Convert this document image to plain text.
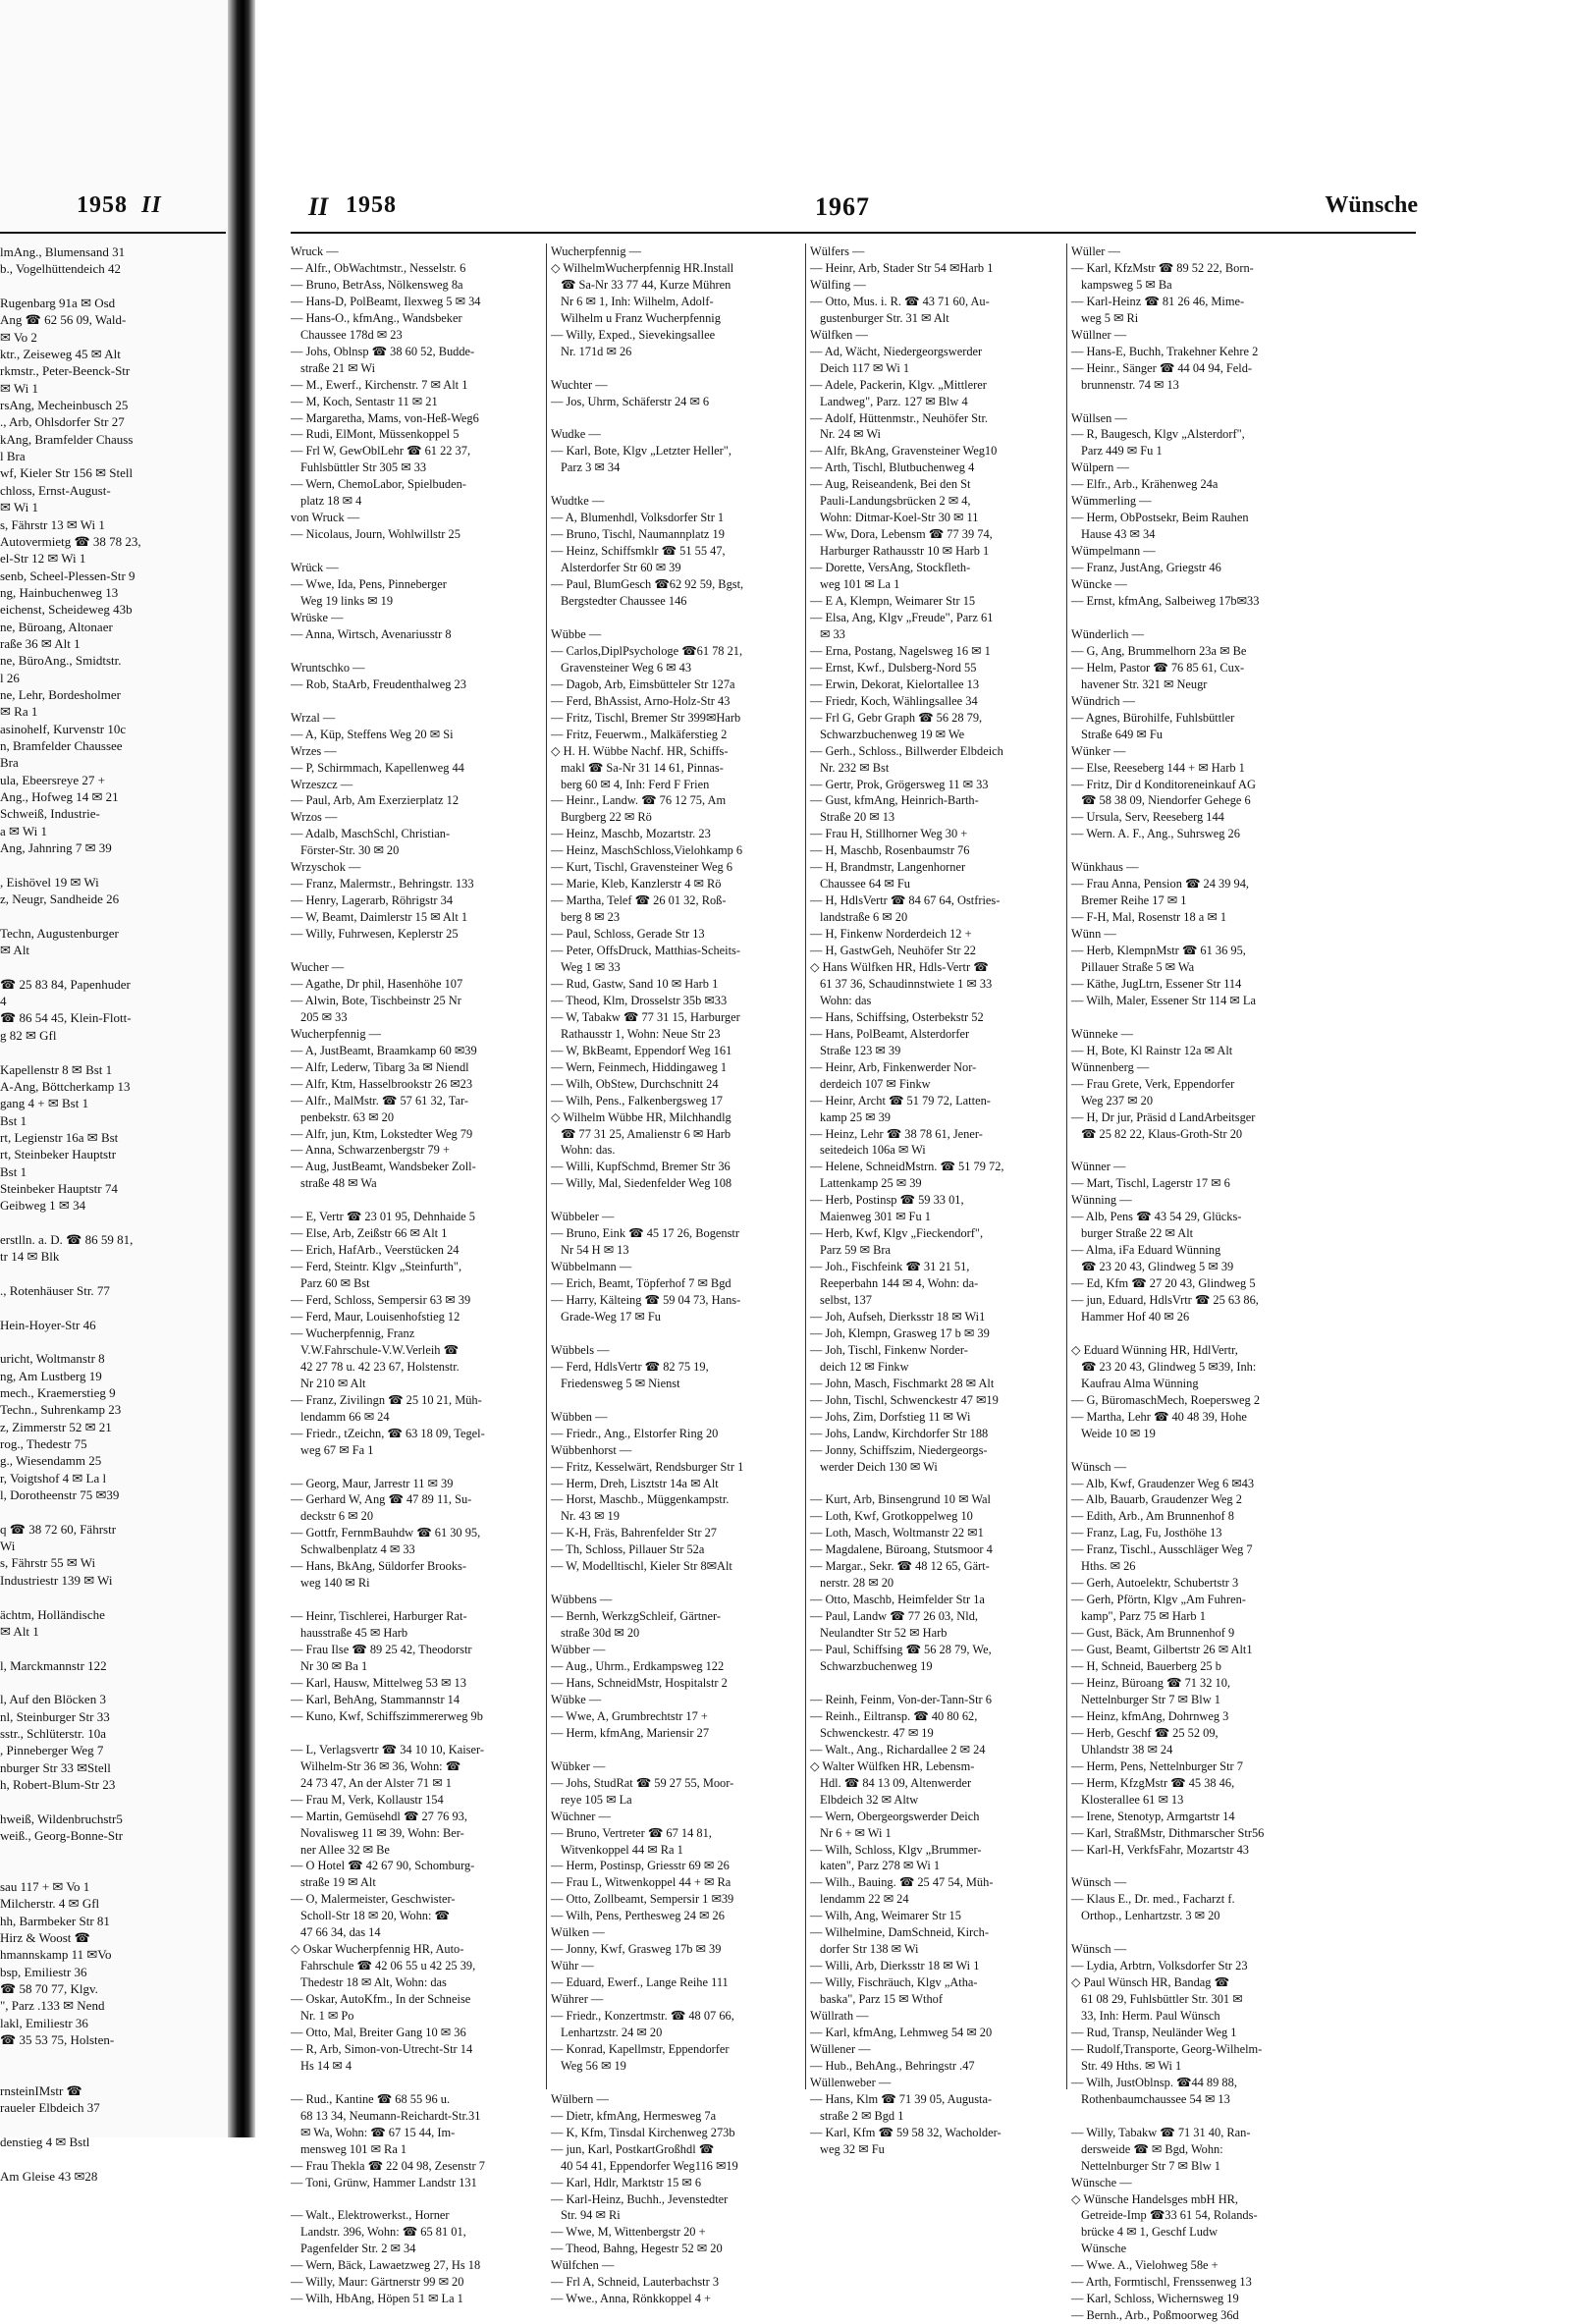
1958 II
lmAng., Blumensand 31
b., Vogelhüttendeich 42

Rugenbarg 91a ✉ Osd
Ang ☎ 62 56 09, Wald-
✉ Vo 2
ktr., Zeiseweg 45 ✉ Alt
rkmstr., Peter-Beenck-Str
✉ Wi 1
rsAng, Mecheinbusch 25
., Arb, Ohlsdorfer Str 27
kAng, Bramfelder Chauss
l Bra
wf, Kieler Str 156 ✉ Stell
chloss, Ernst-August-
✉ Wi 1
s, Fährstr 13 ✉ Wi 1
Autovermietg ☎ 38 78 23,
el-Str 12 ✉ Wi 1
senb, Scheel-Plessen-Str 9
ng, Hainbuchenweg 13
eichenst, Scheideweg 43b
ne, Büroang, Altonaer
raße 36 ✉ Alt 1
ne, BüroAng., Smidtstr.
l 26
ne, Lehr, Bordesholmer
✉ Ra 1
asinohelf, Kurvenstr 10c
n, Bramfelder Chaussee
Bra
ula, Ebeersreye 27 +
Ang., Hofweg 14 ✉ 21
Schweiß, Industrie-
a ✉ Wi 1
Ang, Jahnring 7 ✉ 39

, Eishövel 19 ✉ Wi
z, Neugr, Sandheide 26

Techn, Augustenburger
✉ Alt

☎ 25 83 84, Papenhuder
4
☎ 86 54 45, Klein-Flott-
g 82 ✉ Gfl

Kapellenstr 8 ✉ Bst 1
A-Ang, Böttcherkamp 13
gang 4 + ✉ Bst 1
Bst 1
rt, Legienstr 16a ✉ Bst
rt, Steinbeker Hauptstr
Bst 1
Steinbeker Hauptstr 74
Geibweg 1 ✉ 34

erstlln. a. D. ☎ 86 59 81,
tr 14 ✉ Blk

., Rotenhäuser Str. 77

Hein-Hoyer-Str 46

uricht, Woltmanstr 8
ng, Am Lustberg 19
mech., Kraemerstieg 9
Techn., Suhrenkamp 23
z, Zimmerstr 52 ✉ 21
rog., Thedestr 75
g., Wiesendamm 25
r, Voigtshof 4 ✉ La l
l, Dorotheenstr 75 ✉39

q ☎ 38 72 60, Fährstr
Wi
s, Fährstr 55 ✉ Wi
Industriestr 139 ✉ Wi

ächtm, Holländische
✉ Alt 1

l, Marckmannstr 122

l, Auf den Blöcken 3
nl, Steinburger Str 33
sstr., Schlüterstr. 10a
, Pinneberger Weg 7
nburger Str 33 ✉Stell
h, Robert-Blum-Str 23

hweiß, Wildenbruchstr5
weiß., Georg-Bonne-Str

sau 117 + ✉ Vo 1
Milcherstr. 4 ✉ Gfl
hh, Barmbeker Str 81
Hirz & Woost ☎
hmannskamp 11 ✉Vo
bsp, Emiliestr 36
☎ 58 70 77, Klgv.
", Parz .133 ✉ Nend
lakl, Emiliestr 36
☎ 35 53 75, Holsten-

rnsteinIMstr ☎
raueler Elbdeich 37

denstieg 4 ✉ Bstl

Am Gleise 43 ✉28
II 1958	1967	Wünsche
Wruck —
— Alfr., ObWachtmstr., Nesselstr. 6
— Bruno, BetrAss, Nölkensweg 8a
— Hans-D, PolBeamt, Ilexweg 5 ✉ 34
— Hans-O., kfmAng., Wandsbeker
Chaussee 178d ✉ 23
— Johs, Oblnsp ☎ 38 60 52, Budde-
straße 21 ✉ Wi
— M., Ewerf., Kirchenstr. 7 ✉ Alt 1
— M, Koch, Sentastr 11 ✉ 21
— Margaretha, Mams, von-Heß-Weg6
— Rudi, ElMont, Müssenkoppel 5
— Frl W, GewOblLehr ☎ 61 22 37,
Fuhlsbüttler Str 305 ✉ 33
— Wern, ChemoLabor, Spielbuden-
platz 18 ✉ 4
von Wruck —
— Nicolaus, Journ, Wohlwillstr 25

Wrück —
— Wwe, Ida, Pens, Pinneberger
Weg 19 links ✉ 19
Wrüske —
— Anna, Wirtsch, Avenariusstr 8

Wruntschko —
— Rob, StaArb, Freudenthalweg 23

Wrzal —
— A, Küp, Steffens Weg 20 ✉ Si
Wrzes —
— P, Schirmmach, Kapellenweg 44
Wrzeszcz —
— Paul, Arb, Am Exerzierplatz 12
Wrzos —
— Adalb, MaschSchl, Christian-
Förster-Str. 30 ✉ 20
Wrzyschok —
— Franz, Malermstr., Behringstr. 133
— Henry, Lagerarb, Röhrigstr 34
— W, Beamt, Daimlerstr 15 ✉ Alt 1
— Willy, Fuhrwesen, Keplerstr 25

Wucher —
— Agathe, Dr phil, Hasenhöhe 107
— Alwin, Bote, Tischbeinstr 25 Nr
205 ✉ 33
Wucherpfennig —
— A, JustBeamt, Braamkamp 60 ✉39
— Alfr, Lederw, Tibarg 3a ✉ Niendl
— Alfr, Ktm, Hasselbrookstr 26 ✉23
— Alfr., MalMstr. ☎ 57 61 32, Tar-
penbekstr. 63 ✉ 20
— Alfr, jun, Ktm, Lokstedter Weg 79
— Anna, Schwarzenbergstr 79 +
— Aug, JustBeamt, Wandsbeker Zoll-
straße 48 ✉ Wa

— E, Vertr ☎ 23 01 95, Dehnhaide 5
— Else, Arb, Zeißstr 66 ✉ Alt 1
— Erich, HafArb., Veerstücken 24
— Ferd, Steintr. Klgv „Steinfurth",
Parz 60 ✉ Bst
— Ferd, Schloss, Sempersir 63 ✉ 39
— Ferd, Maur, Louisenhofstieg 12
— Wucherpfennig, Franz
V.W.Fahrschule-V.W.Verleih ☎
42 27 78 u. 42 23 67, Holstenstr.
Nr 210 ✉ Alt
— Franz, Zivilingn ☎ 25 10 21, Müh-
lendamm 66 ✉ 24
— Friedr., tZeichn, ☎ 63 18 09, Tegel-
weg 67 ✉ Fa 1

— Georg, Maur, Jarrestr 11 ✉ 39
— Gerhard W, Ang ☎ 47 89 11, Su-
deckstr 6 ✉ 20
— Gottfr, FernmBauhdw ☎ 61 30 95,
Schwalbenplatz 4 ✉ 33
— Hans, BkAng, Süldorfer Brooks-
weg 140 ✉ Ri

— Heinr, Tischlerei, Harburger Rat-
hausstraße 45 ✉ Harb
— Frau Ilse ☎ 89 25 42, Theodorstr
Nr 30 ✉ Ba 1
— Karl, Hausw, Mittelweg 53 ✉ 13
— Karl, BehAng, Stammannstr 14
— Kuno, Kwf, Schiffszimmererweg 9b

— L, Verlagsvertr ☎ 34 10 10, Kaiser-
Wilhelm-Str 36 ✉ 36, Wohn: ☎
24 73 47, An der Alster 71 ✉ 1
— Frau M, Verk, Kollaustr 154
— Martin, Gemüsehdl ☎ 27 76 93,
Novalisweg 11 ✉ 39, Wohn: Ber-
ner Allee 32 ✉ Be
— O Hotel ☎ 42 67 90, Schomburg-
straße 19 ✉ Alt
— O, Malermeister, Geschwister-
Scholl-Str 18 ✉ 20, Wohn: ☎
47 66 34, das 14
◇ Oskar Wucherpfennig HR, Auto-
Fahrschule ☎ 42 06 55 u 42 25 39,
Thedestr 18 ✉ Alt, Wohn: das
— Oskar, AutoKfm., In der Schneise
Nr. 1 ✉ Po
— Otto, Mal, Breiter Gang 10 ✉ 36
— R, Arb, Simon-von-Utrecht-Str 14
Hs 14 ✉ 4

— Rud., Kantine ☎ 68 55 96 u.
68 13 34, Neumann-Reichardt-Str.31
✉ Wa, Wohn: ☎ 67 15 44, Im-
mensweg 101 ✉ Ra 1
— Frau Thekla ☎ 22 04 98, Zesenstr 7
— Toni, Grünw, Hammer Landstr 131

— Walt., Elektrowerkst., Horner
Landstr. 396, Wohn: ☎ 65 81 01,
Pagenfelder Str. 2 ✉ 34
— Wern, Bäck, Lawaetzweg 27, Hs 18
— Willy, Maur: Gärtnerstr 99 ✉ 20
— Wilh, HbAng, Höpen 51 ✉ La 1
Wucherpfennig —
◇ WilhelmWucherpfennig HR.Install
☎ Sa-Nr 33 77 44, Kurze Mühren
Nr 6 ✉ 1, Inh: Wilhelm, Adolf-
Wilhelm u Franz Wucherpfennig
— Willy, Exped., Sievekingsallee
Nr. 171d ✉ 26

Wuchter —
— Jos, Uhrm, Schäferstr 24 ✉ 6

Wudke —
— Karl, Bote, Klgv „Letzter Heller",
Parz 3 ✉ 34

Wudtke —
— A, Blumenhdl, Volksdorfer Str 1
— Bruno, Tischl, Naumannplatz 19
— Heinz, Schiffsmklr ☎ 51 55 47,
Alsterdorfer Str 60 ✉ 39
— Paul, BlumGesch ☎62 92 59, Bgst,
Bergstedter Chaussee 146

Wübbe —
— Carlos,DiplPsychologe ☎61 78 21,
Gravensteiner Weg 6 ✉ 43
— Dagob, Arb, Eimsbütteler Str 127a
— Ferd, BhAssist, Arno-Holz-Str 43
— Fritz, Tischl, Bremer Str 399✉Harb
— Fritz, Feuerwm., Malkäferstieg 2
◇ H. H. Wübbe Nachf. HR, Schiffs-
makl ☎ Sa-Nr 31 14 61, Pinnas-
berg 60 ✉ 4, Inh: Ferd F Frien
— Heinr., Landw. ☎ 76 12 75, Am
Burgberg 22 ✉ Rö
— Heinz, Maschb, Mozartstr. 23
— Heinz, MaschSchloss,Vielohkamp 6
— Kurt, Tischl, Gravensteiner Weg 6
— Marie, Kleb, Kanzlerstr 4 ✉ Rö
— Martha, Telef ☎ 26 01 32, Roß-
berg 8 ✉ 23
— Paul, Schloss, Gerade Str 13
— Peter, OffsDruck, Matthias-Scheits-
Weg 1 ✉ 33
— Rud, Gastw, Sand 10 ✉ Harb 1
— Theod, Klm, Drosselstr 35b ✉33
— W, Tabakw ☎ 77 31 15, Harburger
Rathausstr 1, Wohn: Neue Str 23
— W, BkBeamt, Eppendorf Weg 161
— Wern, Feinmech, Hiddingaweg 1
— Wilh, ObStew, Durchschnitt 24
— Wilh, Pens., Falkenbergsweg 17
◇ Wilhelm Wübbe HR, Milchhandlg
☎ 77 31 25, Amalienstr 6 ✉ Harb
Wohn: das.
— Willi, KupfSchmd, Bremer Str 36
— Willy, Mal, Siedenfelder Weg 108

Wübbeler —
— Bruno, Eink ☎ 45 17 26, Bogenstr
Nr 54 H ✉ 13
Wübbelmann —
— Erich, Beamt, Töpferhof 7 ✉ Bgd
— Harry, Kälteing ☎ 59 04 73, Hans-
Grade-Weg 17 ✉ Fu

Wübbels —
— Ferd, HdlsVertr ☎ 82 75 19,
Friedensweg 5 ✉ Nienst

Wübben —
— Friedr., Ang., Elstorfer Ring 20
Wübbenhorst —
— Fritz, Kesselwärt, Rendsburger Str 1
— Herm, Dreh, Lisztstr 14a ✉ Alt
— Horst, Maschb., Müggenkampstr.
Nr. 43 ✉ 19
— K-H, Fräs, Bahrenfelder Str 27
— Th, Schloss, Pillauer Str 52a
— W, Modelltischl, Kieler Str 8✉Alt

Wübbens —
— Bernh, WerkzgSchleif, Gärtner-
straße 30d ✉ 20
Wübber —
— Aug., Uhrm., Erdkampsweg 122
— Hans, SchneidMstr, Hospitalstr 2
Wübke —
— Wwe, A, Grumbrechtstr 17 +
— Herm, kfmAng, Mariensir 27

Wübker —
— Johs, StudRat ☎ 59 27 55, Moor-
reye 105 ✉ La
Wüchner —
— Bruno, Vertreter ☎ 67 14 81,
Witvenkoppel 44 ✉ Ra 1
— Herm, Postinsp, Griesstr 69 ✉ 26
— Frau L, Witwenkoppel 44 + ✉ Ra
— Otto, Zollbeamt, Sempersir 1 ✉39
— Wilh, Pens, Perthesweg 24 ✉ 26
Wülken —
— Jonny, Kwf, Grasweg 17b ✉ 39
Wühr —
— Eduard, Ewerf., Lange Reihe 111
Wührer —
— Friedr., Konzertmstr. ☎ 48 07 66,
Lenhartzstr. 24 ✉ 20
— Konrad, Kapellmstr, Eppendorfer
Weg 56 ✉ 19

Wülbern —
— Dietr, kfmAng, Hermesweg 7a
— K, Kfm, Tinsdal Kirchenweg 273b
— jun, Karl, PostkartGroßhdl ☎
40 54 41, Eppendorfer Weg116 ✉19
— Karl, Hdlr, Marktstr 15 ✉ 6
— Karl-Heinz, Buchh., Jevenstedter
Str. 94 ✉ Ri
— Wwe, M, Wittenbergstr 20 +
— Theod, Bahng, Hegestr 52 ✉ 20
Wülfchen —
— Frl A, Schneid, Lauterbachstr 3
— Wwe., Anna, Rönkkoppel 4 +
Wülfers —
— Heinr, Arb, Stader Str 54 ✉Harb 1
Wülfing —
— Otto, Mus. i. R. ☎ 43 71 60, Au-
gustenburger Str. 31 ✉ Alt
Wülfken —
— Ad, Wächt, Niedergeorgswerder
Deich 117 ✉ Wi 1
— Adele, Packerin, Klgv. „Mittlerer
Landweg", Parz. 127 ✉ Blw 4
— Adolf, Hüttenmstr., Neuhöfer Str.
Nr. 24 ✉ Wi
— Alfr, BkAng, Gravensteiner Weg10
— Arth, Tischl, Blutbuchenweg 4
— Aug, Reiseandenk, Bei den St
Pauli-Landungsbrücken 2 ✉ 4,
Wohn: Ditmar-Koel-Str 30 ✉ 11
— Ww, Dora, Lebensm ☎ 77 39 74,
Harburger Rathausstr 10 ✉ Harb 1
— Dorette, VersAng, Stockfleth-
weg 101 ✉ La 1
— E A, Klempn, Weimarer Str 15
— Elsa, Ang, Klgv „Freude", Parz 61
✉ 33
— Erna, Postang, Nagelsweg 16 ✉ 1
— Ernst, Kwf., Dulsberg-Nord 55
— Erwin, Dekorat, Kielortallee 13
— Friedr, Koch, Wählingsallee 34
— Frl G, Gebr Graph ☎ 56 28 79,
Schwarzbuchenweg 19 ✉ We
— Gerh., Schloss., Billwerder Elbdeich
Nr. 232 ✉ Bst
— Gertr, Prok, Grögersweg 11 ✉ 33
— Gust, kfmAng, Heinrich-Barth-
Straße 20 ✉ 13
— Frau H, Stillhorner Weg 30 +
— H, Maschb, Rosenbaumstr 76
— H, Brandmstr, Langenhorner
Chaussee 64 ✉ Fu
— H, HdlsVertr ☎ 84 67 64, Ostfries-
landstraße 6 ✉ 20
— H, Finkenw Norderdeich 12 +
— H, GastwGeh, Neuhöfer Str 22
◇ Hans Wülfken HR, Hdls-Vertr ☎
61 37 36, Schaudinnstwiete 1 ✉ 33
Wohn: das
— Hans, Schiffsing, Osterbekstr 52
— Hans, PolBeamt, Alsterdorfer
Straße 123 ✉ 39
— Heinr, Arb, Finkenwerder Nor-
derdeich 107 ✉ Finkw
— Heinr, Archt ☎ 51 79 72, Latten-
kamp 25 ✉ 39
— Heinz, Lehr ☎ 38 78 61, Jener-
seitedeich 106a ✉ Wi
— Helene, SchneidMstrn. ☎ 51 79 72,
Lattenkamp 25 ✉ 39
— Herb, Postinsp ☎ 59 33 01,
Maienweg 301 ✉ Fu 1
— Herb, Kwf, Klgv „Fieckendorf",
Parz 59 ✉ Bra
— Joh., Fischfeink ☎ 31 21 51,
Reeperbahn 144 ✉ 4, Wohn: da-
selbst, 137
— Joh, Aufseh, Dierksstr 18 ✉ Wi1
— Joh, Klempn, Grasweg 17 b ✉ 39
— Joh, Tischl, Finkenw Norder-
deich 12 ✉ Finkw
— John, Masch, Fischmarkt 28 ✉ Alt
— John, Tischl, Schwenckestr 47 ✉19
— Johs, Zim, Dorfstieg 11 ✉ Wi
— Johs, Landw, Kirchdorfer Str 188
— Jonny, Schiffszim, Niedergeorgs-
werder Deich 130 ✉ Wi

— Kurt, Arb, Binsengrund 10 ✉ Wal
— Loth, Kwf, Grotkoppelweg 10
— Loth, Masch, Woltmanstr 22 ✉1
— Magdalene, Büroang, Stutsmoor 4
— Margar., Sekr. ☎ 48 12 65, Gärt-
nerstr. 28 ✉ 20
— Otto, Maschb, Heimfelder Str 1a
— Paul, Landw ☎ 77 26 03, Nld,
Neulandter Str 52 ✉ Harb
— Paul, Schiffsing ☎ 56 28 79, We,
Schwarzbuchenweg 19

— Reinh, Feinm, Von-der-Tann-Str 6
— Reinh., Eiltransp. ☎ 40 80 62,
Schwenckestr. 47 ✉ 19
— Walt., Ang., Richardallee 2 ✉ 24
◇ Walter Wülfken HR, Lebensm-
Hdl. ☎ 84 13 09, Altenwerder
Elbdeich 32 ✉ Altw
— Wern, Obergeorgswerder Deich
Nr 6 + ✉ Wi 1
— Wilh, Schloss, Klgv „Brummer-
katen", Parz 278 ✉ Wi 1
— Wilh., Bauing. ☎ 25 47 54, Müh-
lendamm 22 ✉ 24
— Wilh, Ang, Weimarer Str 15
— Wilhelmine, DamSchneid, Kirch-
dorfer Str 138 ✉ Wi
— Willi, Arb, Dierksstr 18 ✉ Wi 1
— Willy, Fischräuch, Klgv „Atha-
baska", Parz 15 ✉ Wthof
Wüllrath —
— Karl, kfmAng, Lehmweg 54 ✉ 20
Wüllener —
— Hub., BehAng., Behringstr .47
Wüllenweber —
— Hans, Klm ☎ 71 39 05, Augusta-
straße 2 ✉ Bgd 1
— Karl, Kfm ☎ 59 58 32, Wacholder-
weg 32 ✉ Fu
Wüller —
— Karl, KfzMstr ☎ 89 52 22, Born-
kampsweg 5 ✉ Ba
— Karl-Heinz ☎ 81 26 46, Mime-
weg 5 ✉ Ri
Wüllner —
— Hans-E, Buchh, Trakehner Kehre 2
— Heinr., Sänger ☎ 44 04 94, Feld-
brunnenstr. 74 ✉ 13

Wüllsen —
— R, Baugesch, Klgv „Alsterdorf",
Parz 449 ✉ Fu 1
Wülpern —
— Elfr., Arb., Krähenweg 24a
Wümmerling —
— Herm, ObPostsekr, Beim Rauhen
Hause 43 ✉ 34
Wümpelmann —
— Franz, JustAng, Griegstr 46
Wüncke —
— Ernst, kfmAng, Salbeiweg 17b✉33

Wünderlich —
— G, Ang, Brummelhorn 23a ✉ Be
— Helm, Pastor ☎ 76 85 61, Cux-
havener Str. 321 ✉ Neugr
Wündrich —
— Agnes, Bürohilfe, Fuhlsbüttler
Straße 649 ✉ Fu
Wünker —
— Else, Reeseberg 144 + ✉ Harb 1
— Fritz, Dir d Konditoreneinkauf AG
☎ 58 38 09, Niendorfer Gehege 6
— Ursula, Serv, Reeseberg 144
— Wern. A. F., Ang., Suhrsweg 26

Wünkhaus —
— Frau Anna, Pension ☎ 24 39 94,
Bremer Reihe 17 ✉ 1
— F-H, Mal, Rosenstr 18 a ✉ 1
Wünn —
— Herb, KlempnMstr ☎ 61 36 95,
Pillauer Straße 5 ✉ Wa
— Käthe, JugLtrn, Essener Str 114
— Wilh, Maler, Essener Str 114 ✉ La

Wünneke —
— H, Bote, Kl Rainstr 12a ✉ Alt
Wünnenberg —
— Frau Grete, Verk, Eppendorfer
Weg 237 ✉ 20
— H, Dr jur, Präsid d LandArbeitsger
☎ 25 82 22, Klaus-Groth-Str 20

Wünner —
— Mart, Tischl, Lagerstr 17 ✉ 6
Wünning —
— Alb, Pens ☎ 43 54 29, Glücks-
burger Straße 22 ✉ Alt
— Alma, iFa Eduard Wünning
☎ 23 20 43, Glindweg 5 ✉ 39
— Ed, Kfm ☎ 27 20 43, Glindweg 5
— jun, Eduard, HdlsVrtr ☎ 25 63 86,
Hammer Hof 40 ✉ 26

◇ Eduard Wünning HR, HdlVertr,
☎ 23 20 43, Glindweg 5 ✉39, Inh:
Kaufrau Alma Wünning
— G, BüromaschMech, Roepersweg 2
— Martha, Lehr ☎ 40 48 39, Hohe
Weide 10 ✉ 19

Wünsch —
— Alb, Kwf, Graudenzer Weg 6 ✉43
— Alb, Bauarb, Graudenzer Weg 2
— Edith, Arb., Am Brunnenhof 8
— Franz, Lag, Fu, Josthöhe 13
— Franz, Tischl., Ausschläger Weg 7
Hths. ✉ 26
— Gerh, Autoelektr, Schubertstr 3
— Gerh, Pförtn, Klgv „Am Fuhren-
kamp", Parz 75 ✉ Harb 1
— Gust, Bäck, Am Brunnenhof 9
— Gust, Beamt, Gilbertstr 26 ✉ Alt1
— H, Schneid, Bauerberg 25 b
— Heinz, Büroang ☎ 71 32 10,
Nettelnburger Str 7 ✉ Blw 1
— Heinz, kfmAng, Dohrnweg 3
— Herb, Geschf ☎ 25 52 09,
Uhlandstr 38 ✉ 24
— Herm, Pens, Nettelnburger Str 7
— Herm, KfzgMstr ☎ 45 38 46,
Klosterallee 61 ✉ 13
— Irene, Stenotyp, Armgartstr 14
— Karl, StraßMstr, Dithmarscher Str56
— Karl-H, VerkfsFahr, Mozartstr 43

Wünsch —
— Klaus E., Dr. med., Facharzt f.
Orthop., Lenhartzstr. 3 ✉ 20

Wünsch —
— Lydia, Arbtrn, Volksdorfer Str 23
◇ Paul Wünsch HR, Bandag ☎
61 08 29, Fuhlsbüttler Str. 301 ✉
33, Inh: Herm. Paul Wünsch
— Rud, Transp, Neuländer Weg 1
— Rudolf,Transporte, Georg-Wilhelm-
Str. 49 Hths. ✉ Wi 1
— Wilh, JustOblnsp. ☎44 89 88,
Rothenbaumchaussee 54 ✉ 13

— Willy, Tabakw ☎ 71 31 40, Ran-
dersweide ☎ ✉ Bgd, Wohn:
Nettelnburger Str 7 ✉ Blw 1
Wünsche —
◇ Wünsche Handelsges mbH HR,
Getreide-Imp ☎33 61 54, Rolands-
brücke 4 ✉ 1, Geschf Ludw
Wünsche
— Wwe. A., Vielohweg 58e +
— Arth, Formtischl, Frenssenweg 13
— Karl, Schloss, Wichernsweg 19
— Bernh., Arb., Poßmoorweg 36d
